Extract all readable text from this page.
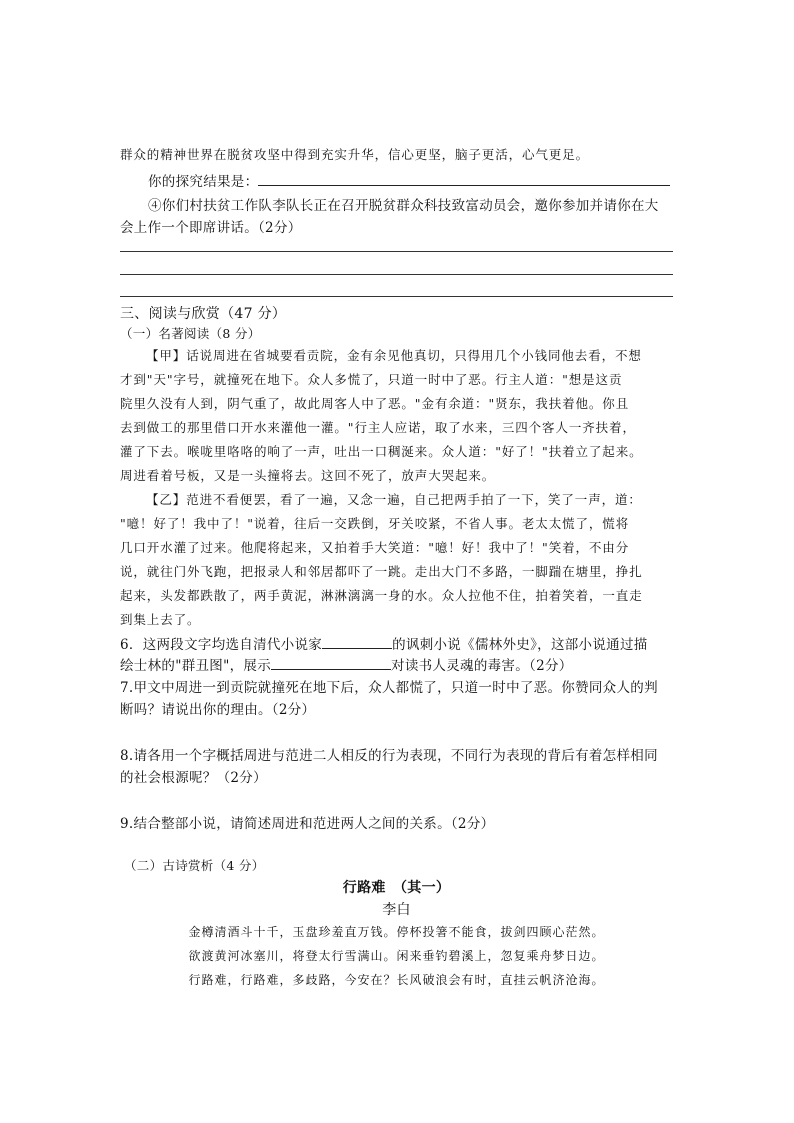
群众的精神世界在脱贫攻坚中得到充实升华，信心更坚，脑子更活，心气更足。
你的探究结果是：
④你们村扶贫工作队李队长正在召开脱贫群众科技致富动员会，邀你参加并请你在大
会上作一个即席讲话。（2分）
三、阅读与欣赏（47 分）
（一）名著阅读（8 分）
【甲】话说周进在省城要看贡院，金有余见他真切，只得用几个小钱同他去看，不想
才到"天"字号，就撞死在地下。众人多慌了，只道一时中了恶。行主人道："想是这贡
院里久没有人到，阴气重了，故此周客人中了恶。"金有余道："贤东，我扶着他。你且
去到做工的那里借口开水来灌他一灌。"行主人应诺，取了水来，三四个客人一齐扶着，
灌了下去。喉咙里咯咯的响了一声，吐出一口稠涎来。众人道："好了！"扶着立了起来。
周进看着号板，又是一头撞将去。这回不死了，放声大哭起来。
【乙】范进不看便罢，看了一遍，又念一遍，自己把两手拍了一下，笑了一声，道：
"噫！好了！我中了！"说着，往后一交跌倒，牙关咬紧，不省人事。老太太慌了，慌将
几口开水灌了过来。他爬将起来，又拍着手大笑道："噫！好！我中了！"笑着，不由分
说，就往门外飞跑，把报录人和邻居都吓了一跳。走出大门不多路，一脚踹在塘里，挣扎
起来，头发都跌散了，两手黄泥，淋淋漓漓一身的水。众人拉他不住，拍着笑着，一直走
到集上去了。
6．这两段文字均选自清代小说家	的讽刺小说《儒林外史》，这部小说通过描
绘士林的"群丑图"，展示	对读书人灵魂的毒害。（2分）
7.甲文中周进一到贡院就撞死在地下后，众人都慌了，只道一时中了恶。你赞同众人的判
断吗？请说出你的理由。（2分）
8.请各用一个字概括周进与范进二人相反的行为表现，不同行为表现的背后有着怎样相同
的社会根源呢？（2分）
9.结合整部小说，请简述周进和范进两人之间的关系。（2分）
（二）古诗赏析（4 分）
行路难　（其一）
李白
金樽清酒斗十千，玉盘珍羞直万钱。停杯投箸不能食，拔剑四顾心茫然。
欲渡黄河冰塞川，将登太行雪满山。闲来垂钓碧溪上，忽复乘舟梦日边。
行路难，行路难，多歧路，今安在？长风破浪会有时，直挂云帆济沧海。
